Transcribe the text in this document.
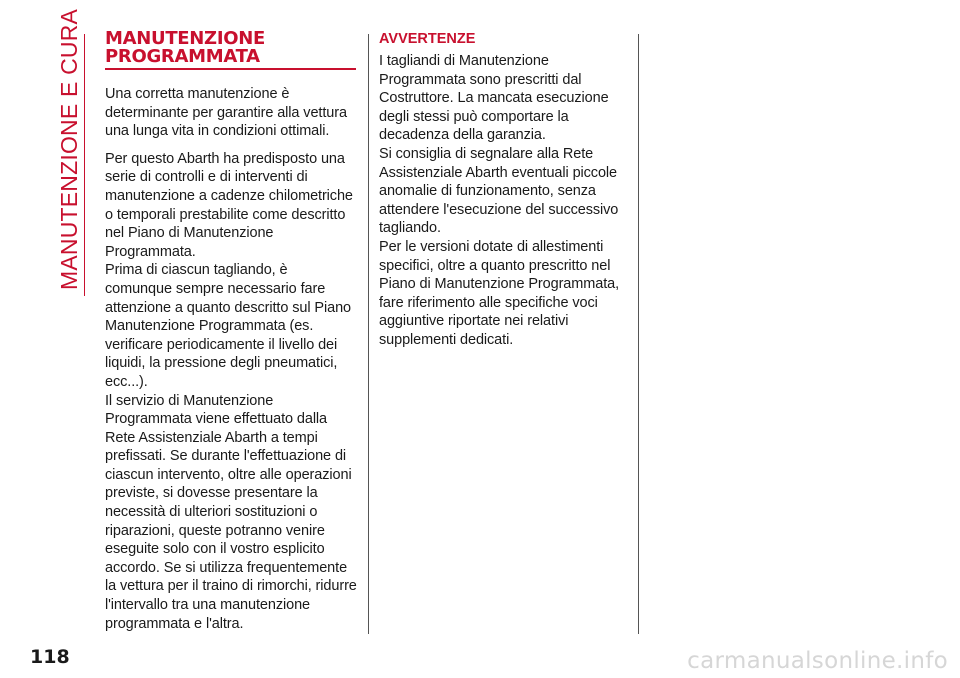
MANUTENZIONE E CURA MANUTENZIONE
PROGRAMMATA

Una corretta manutenzione è determinante per garantire alla vettura una lunga vita in condizioni ottimali.

Per questo Abarth ha predisposto una serie di controlli e di interventi di manutenzione a cadenze chilometriche o temporali prestabilite come descritto nel Piano di Manutenzione Programmata.

Prima di ciascun tagliando, è comunque sempre necessario fare attenzione a quanto descritto sul Piano Manutenzione Programmata (es. verificare periodicamente il livello dei liquidi, la pressione degli pneumatici, ecc...).

Il servizio di Manutenzione Programmata viene effettuato dalla Rete Assistenziale Abarth a tempi prefissati. Se durante l'effettuazione di ciascun intervento, oltre alle operazioni previste, si dovesse presentare la necessità di ulteriori sostituzioni o riparazioni, queste potranno venire eseguite solo con il vostro esplicito accordo. Se si utilizza frequentemente la vettura per il traino di rimorchi, ridurre l'intervallo tra una manutenzione programmata e l'altra.

AVVERTENZE

I tagliandi di Manutenzione Programmata sono prescritti dal Costruttore. La mancata esecuzione degli stessi può comportare la decadenza della garanzia.

Si consiglia di segnalare alla Rete Assistenziale Abarth eventuali piccole anomalie di funzionamento, senza attendere l'esecuzione del successivo tagliando.

Per le versioni dotate di allestimenti specifici, oltre a quanto prescritto nel Piano di Manutenzione Programmata, fare riferimento alle specifiche voci aggiuntive riportate nei relativi supplementi dedicati.

118	carmanualsonline.info
